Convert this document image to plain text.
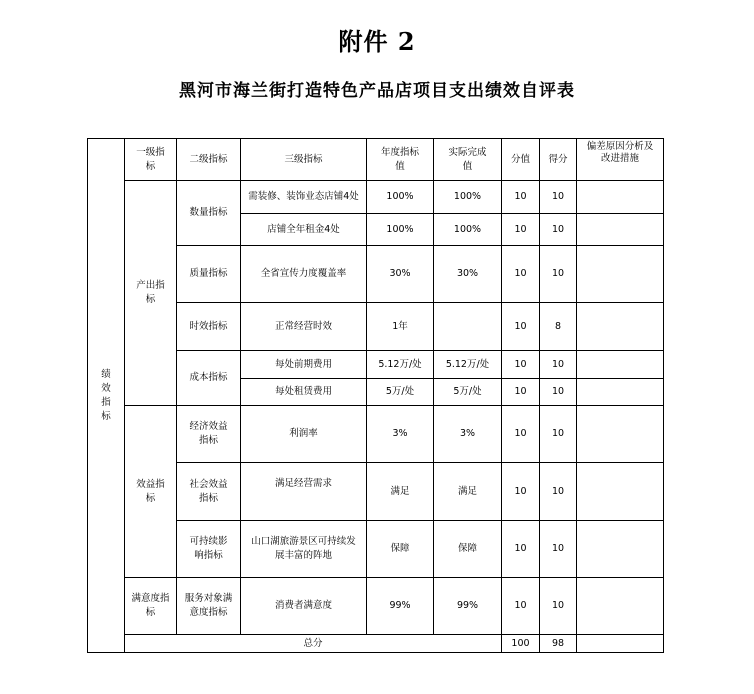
附件 2
黑河市海兰街打造特色产品店项目支出绩效自评表
绩效指标	一级指标	二级指标	三级指标	年度指标值	实际完成值	分值	得分	偏差原因分析及改进措施
	产出指标	数量指标	需装修、装饰业态店铺4处	100%	100%	10	10	
			店铺全年租金4处	100%	100%	10	10	
		质量指标	全省宣传力度覆盖率	30%	30%	10	10	
		时效指标	正常经营时效	1年		10	8	
		成本指标	每处前期费用	5.12万/处	5.12万/处	10	10	
			每处租赁费用	5万/处	5万/处	10	10	
	效益指标	经济效益指标	利润率	3%	3%	10	10	
		社会效益指标	满足经营需求	满足	满足	10	10	
		可持续影响指标	山口湖旅游景区可持续发展丰富的阵地	保障	保障	10	10	
	满意度指标	服务对象满意度指标	消费者满意度	99%	99%	10	10	
	总分					100	98	
